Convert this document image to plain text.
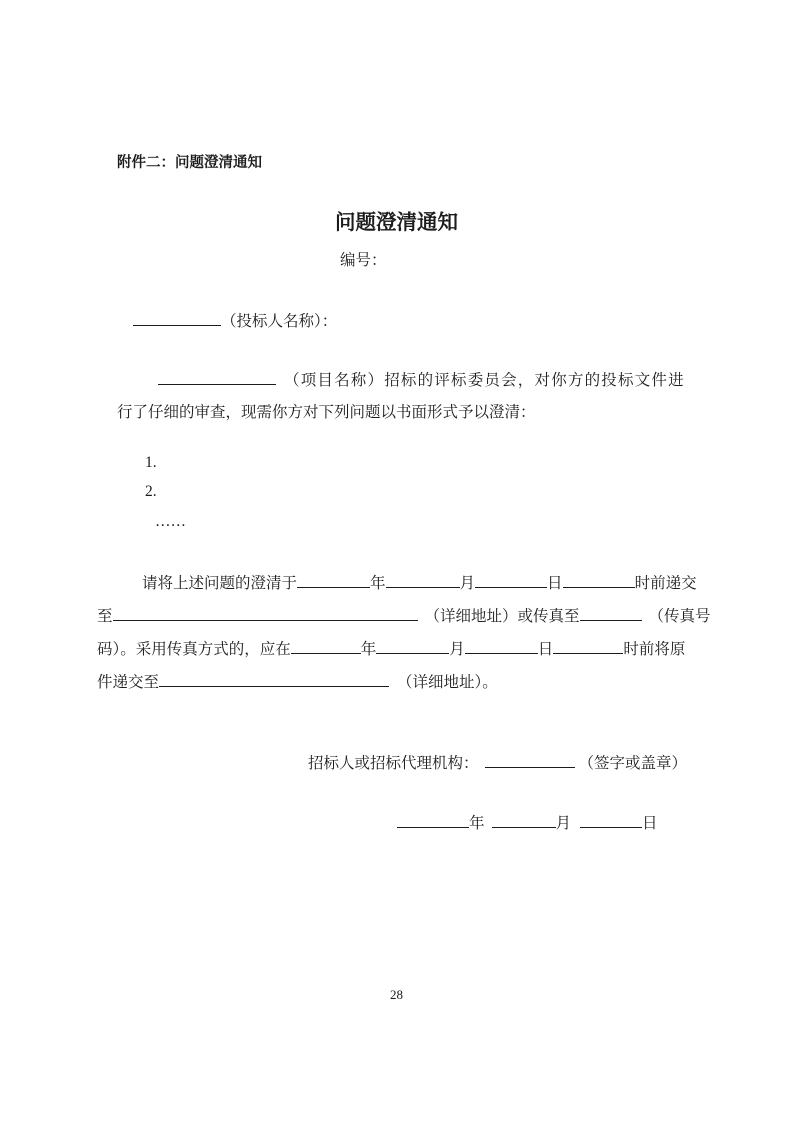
附件二：问题澄清通知
问题澄清通知
编号：
（投标人名称）：
（项目名称）招标的评标委员会，对你方的投标文件进
行了仔细的审查，现需你方对下列问题以书面形式予以澄清：
1.
2.
……
请将上述问题的澄清于	年	月	日	时前递交
至	（详细地址）或传真至	（传真号
码）。采用传真方式的，应在	年	月	日	时前将原
件递交至	（详细地址）。
招标人或招标代理机构：	（签字或盖章）
年	月	日
28
